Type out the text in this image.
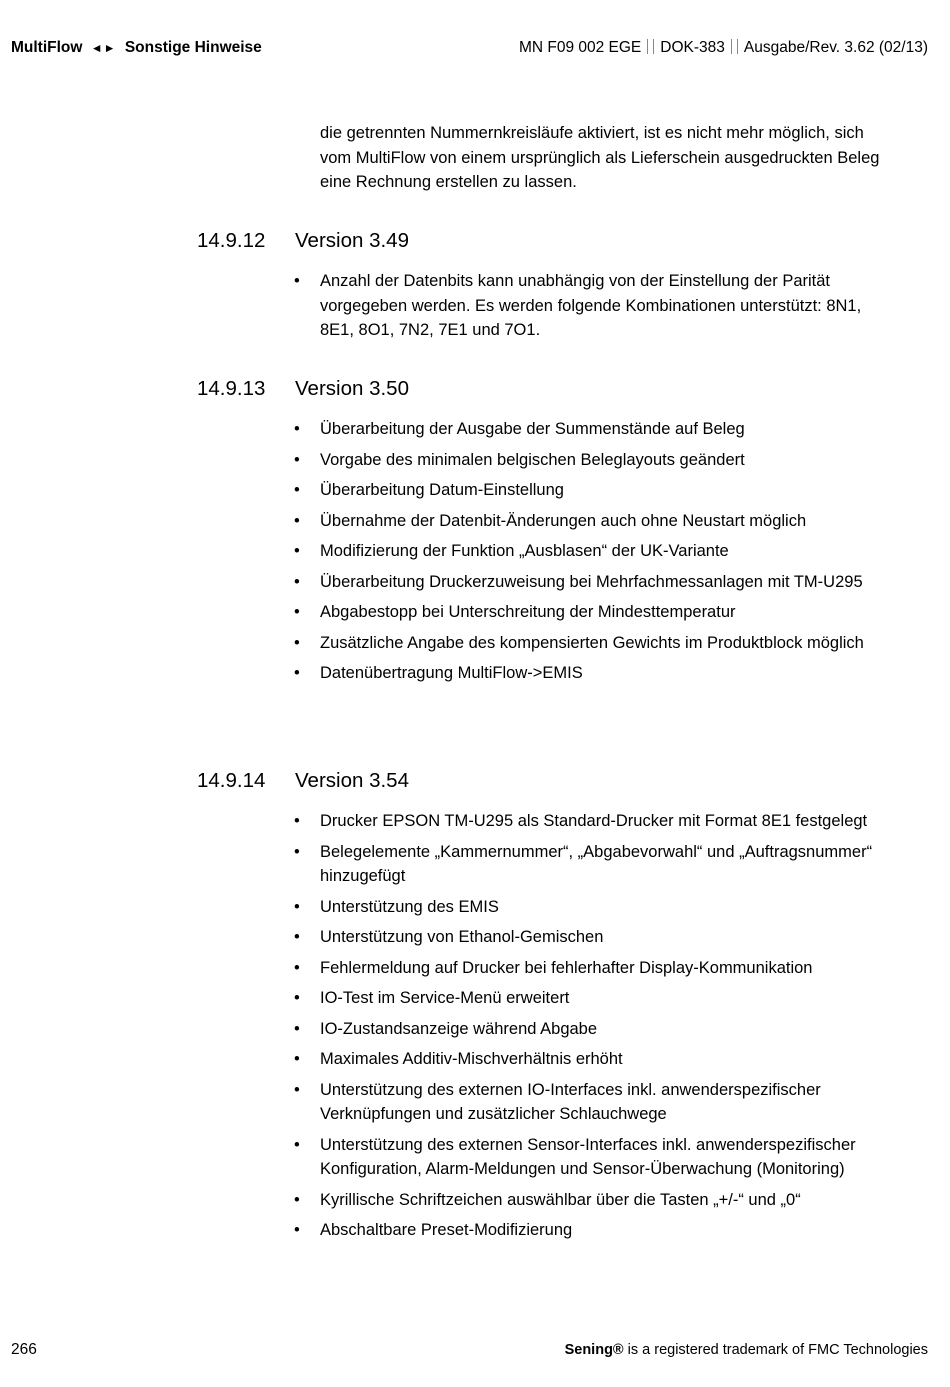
MultiFlow ◄► Sonstige Hinweise	MN F09 002 EGE DOK-383 Ausgabe/Rev. 3.62 (02/13)

die getrennten Nummernkreisläufe aktiviert, ist es nicht mehr möglich, sich vom MultiFlow von einem ursprünglich als Lieferschein ausgedruckten Beleg eine Rechnung erstellen zu lassen.

14.9.12 Version 3.49
• Anzahl der Datenbits kann unabhängig von der Einstellung der Parität vorgegeben werden. Es werden folgende Kombinationen unterstützt: 8N1, 8E1, 8O1, 7N2, 7E1 und 7O1.
14.9.13 Version 3.50
• Überarbeitung der Ausgabe der Summenstände auf Beleg
• Vorgabe des minimalen belgischen Beleglayouts geändert
• Überarbeitung Datum-Einstellung
• Übernahme der Datenbit-Änderungen auch ohne Neustart möglich
• Modifizierung der Funktion „Ausblasen“ der UK-Variante
• Überarbeitung Druckerzuweisung bei Mehrfachmessanlagen mit TM-U295
• Abgabestopp bei Unterschreitung der Mindesttemperatur
• Zusätzliche Angabe des kompensierten Gewichts im Produktblock möglich
• Datenübertragung MultiFlow->EMIS
14.9.14 Version 3.54
• Drucker EPSON TM-U295 als Standard-Drucker mit Format 8E1 festgelegt
• Belegelemente „Kammernummer“, „Abgabevorwahl“ und „Auftragsnummer“ hinzugefügt
• Unterstützung des EMIS
• Unterstützung von Ethanol-Gemischen
• Fehlermeldung auf Drucker bei fehlerhafter Display-Kommunikation
• IO-Test im Service-Menü erweitert
• IO-Zustandsanzeige während Abgabe
• Maximales Additiv-Mischverhältnis erhöht
• Unterstützung des externen IO-Interfaces inkl. anwenderspezifischer Verknüpfungen und zusätzlicher Schlauchwege
• Unterstützung des externen Sensor-Interfaces inkl. anwenderspezifischer Konfiguration, Alarm-Meldungen und Sensor-Überwachung (Monitoring)
• Kyrillische Schriftzeichen auswählbar über die Tasten „+/-“ und „0“
• Abschaltbare Preset-Modifizierung
266	Sening® is a registered trademark of FMC Technologies
